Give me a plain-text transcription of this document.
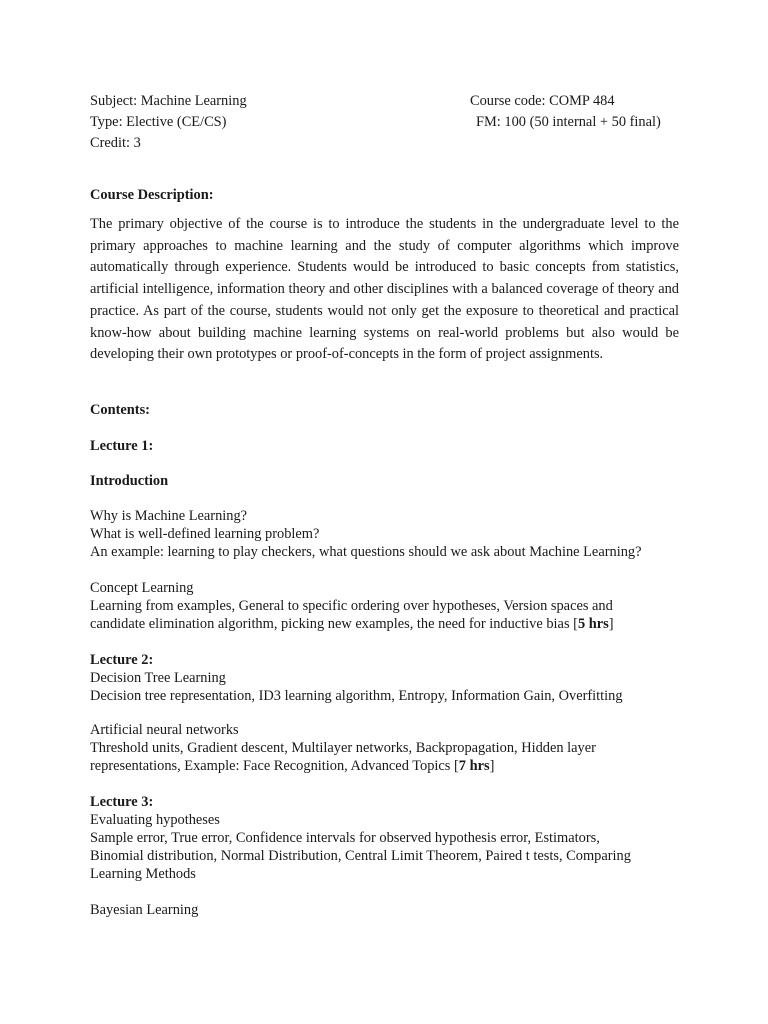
Subject: Machine Learning
Type: Elective (CE/CS)
Credit: 3
Course code: COMP 484
FM: 100 (50 internal + 50 final)
Course Description:
The primary objective of the course is to introduce the students in the undergraduate level to the primary approaches to machine learning and the study of computer algorithms which improve automatically through experience. Students would be introduced to basic concepts from statistics, artificial intelligence, information theory and other disciplines with a balanced coverage of theory and practice. As part of the course, students would not only get the exposure to theoretical and practical know-how about building machine learning systems on real-world problems but also would be developing their own prototypes or proof-of-concepts in the form of project assignments.
Contents:
Lecture 1:
Introduction
Why is Machine Learning?
What is well-defined learning problem?
An example: learning to play checkers, what questions should we ask about Machine Learning?
Concept Learning
Learning from examples, General to specific ordering over hypotheses, Version spaces and
candidate elimination algorithm, picking new examples, the need for inductive bias [5 hrs]
Lecture 2:
Decision Tree Learning
Decision tree representation, ID3 learning algorithm, Entropy, Information Gain, Overfitting
Artificial neural networks
Threshold units, Gradient descent, Multilayer networks, Backpropagation, Hidden layer
representations, Example: Face Recognition, Advanced Topics [7 hrs]
Lecture 3:
Evaluating hypotheses
Sample error, True error, Confidence intervals for observed hypothesis error, Estimators,
Binomial distribution, Normal Distribution, Central Limit Theorem, Paired t tests, Comparing
Learning Methods
Bayesian Learning
